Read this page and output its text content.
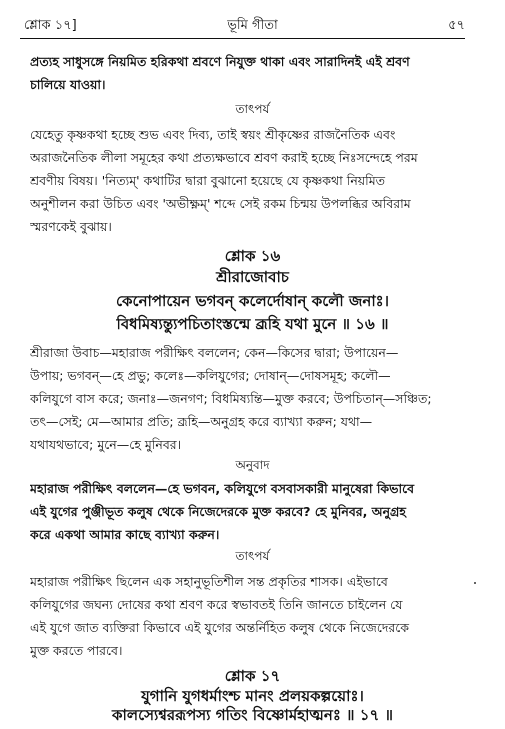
শ্লোক ১৭]	ভূমি গীতা	৫৭
প্রত্যহ সাধুসঙ্গে নিয়মিত হরিকথা শ্রবণে নিযুক্ত থাকা এবং সারাদিনই এই শ্রবণ
চালিয়ে যাওয়া।
তাৎপর্য
যেহেতু কৃষ্ণকথা হচ্ছে শুভ এবং দিব্য, তাই স্বয়ং শ্রীকৃষ্ণের রাজনৈতিক এবং
অরাজনৈতিক লীলা সমূহের কথা প্রত্যক্ষভাবে শ্রবণ করাই হচ্ছে নিঃসন্দেহে পরম
শ্রবণীয় বিষয়। 'নিত্যম্' কথাটির দ্বারা বুঝানো হয়েছে যে কৃষ্ণকথা নিয়মিত
অনুশীলন করা উচিত এবং 'অভীক্ষ্ণম্' শব্দে সেই রকম চিন্ময় উপলব্ধির অবিরাম
স্মরণকেই বুঝায়।
শ্লোক ১৬
শ্রীরাজোবাচ
কেনোপায়েন ভগবন্ কলের্দোষান্ কলৌ জনাঃ।
বিধমিষ্যন্ত্যুপচিতাংস্তন্মে ব্রূহি যথা মুনে ॥ ১৬ ॥
শ্রীরাজা উবাচ—মহারাজ পরীক্ষিৎ বললেন; কেন—কিসের দ্বারা; উপায়েন—
উপায়; ভগবন্—হে প্রভু; কলেঃ—কলিযুগের; দোষান্—দোষসমূহ; কলৌ—
কলিযুগে বাস করে; জনাঃ—জনগণ; বিধমিষ্যন্তি—মুক্ত করবে; উপচিতান্—সঞ্চিত;
তৎ—সেই; মে—আমার প্রতি; ব্রূহি—অনুগ্রহ করে ব্যাখ্যা করুন; যথা—
যথাযথভাবে; মুনে—হে মুনিবর।
অনুবাদ
মহারাজ পরীক্ষিৎ বললেন—হে ভগবন, কলিযুগে বসবাসকারী মানুষেরা কিভাবে
এই যুগের পুঞ্জীভূত কলুষ থেকে নিজেদেরকে মুক্ত করবে? হে মুনিবর, অনুগ্রহ
করে একথা আমার কাছে ব্যাখ্যা করুন।
তাৎপর্য
মহারাজ পরীক্ষিৎ ছিলেন এক সহানুভূতিশীল সন্ত প্রকৃতির শাসক। এইভাবে
কলিযুগের জঘন্য দোষের কথা শ্রবণ করে স্বভাবতই তিনি জানতে চাইলেন যে
এই যুগে জাত ব্যক্তিরা কিভাবে এই যুগের অন্তর্নিহিত কলুষ থেকে নিজেদেরকে
মুক্ত করতে পারবে।
শ্লোক ১৭
যুগানি যুগধর্মাংশ্চ মানং প্রলয়কল্পয়োঃ।
কালস্যেশ্বররূপস্য গতিং বিষ্ণোর্মহাত্মনঃ ॥ ১৭ ॥
